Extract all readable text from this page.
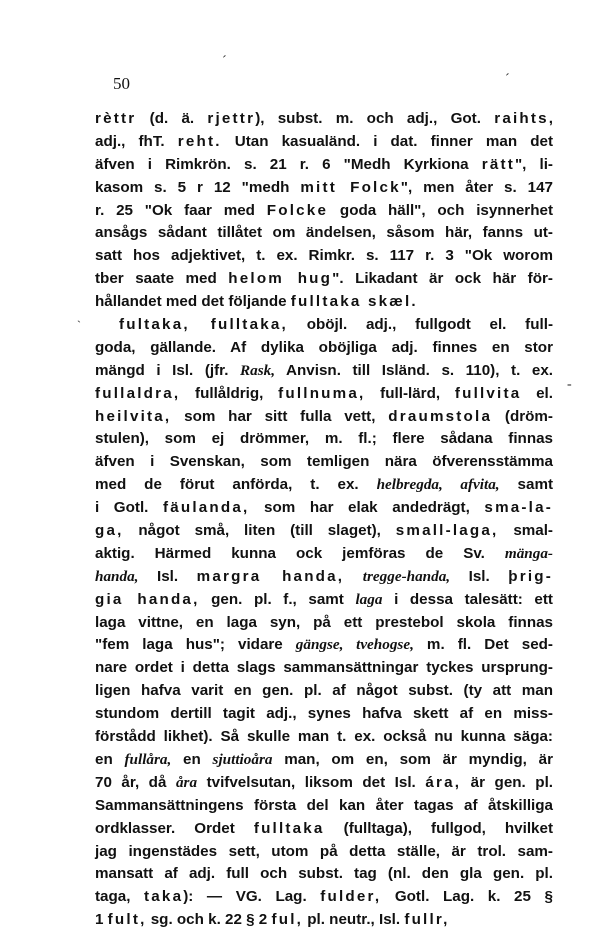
50
ˊ
ˊ
`
-
rèttr (d. ä. rjettr), subst. m. och adj., Got. raihts,
adj., fhT. reht. Utan kasualänd. i dat. finner man det
äfven i Rimkrön. s. 21 r. 6 "Medh Kyrkiona rätt", li-
kasom s. 5 r 12 "medh mitt Folck", men åter s. 147
r. 25 "Ok faar med Folcke goda häll", och isynnerhet
ansågs sådant tillåtet om ändelsen, såsom här, fanns ut-
satt hos adjektivet, t. ex. Rimkr. s. 117 r. 3 "Ok worom
tber saate med helom hug". Likadant är ock här för-
hållandet med det följande fulltaka skæl.
fultaka, fulltaka, oböjl. adj., fullgodt el. full-
goda, gällande. Af dylika oböjliga adj. finnes en stor
mängd i Isl. (jfr. Rask, Anvisn. till Isländ. s. 110), t. ex.
fullaldra, fullåldrig, fullnuma, full-lärd, fullvita el.
heilvita, som har sitt fulla vett, draumstola (dröm-
stulen), som ej drömmer, m. fl.; flere sådana finnas
äfven i Svenskan, som temligen nära öfverensstämma
med de förut anförda, t. ex. helbregda, afvita, samt
i Gotl. fäulanda, som har elak andedrägt, sma-la-
ga, något små, liten (till slaget), small-laga, smal-
aktig. Härmed kunna ock jemföras de Sv. mänga-
handa, Isl. margra handa, tregge-handa, Isl. þrig-
gia handa, gen. pl. f., samt laga i dessa talesätt: ett
laga vittne, en laga syn, på ett prestebol skola finnas
"fem laga hus"; vidare gängse, tvehogse, m. fl. Det sed-
nare ordet i detta slags sammansättningar tyckes ursprung-
ligen hafva varit en gen. pl. af något subst. (ty att man
stundom dertill tagit adj., synes hafva skett af en miss-
förstådd likhet). Så skulle man t. ex. också nu kunna säga:
en fullåra, en sjuttioåra man, om en, som är myndig, är
70 år, då åra tvifvelsutan, liksom det Isl. ára, är gen. pl.
Sammansättningens första del kan åter tagas af åtskilliga
ordklasser. Ordet fulltaka (fulltaga), fullgod, hvilket
jag ingenstädes sett, utom på detta ställe, är trol. sam-
mansatt af adj. full och subst. tag (nl. den gla gen. pl.
taga, taka): — VG. Lag. fulder, Gotl. Lag. k. 25 §
1 fult, sg. och k. 22 § 2 ful, pl. neutr., Isl. fullr,
